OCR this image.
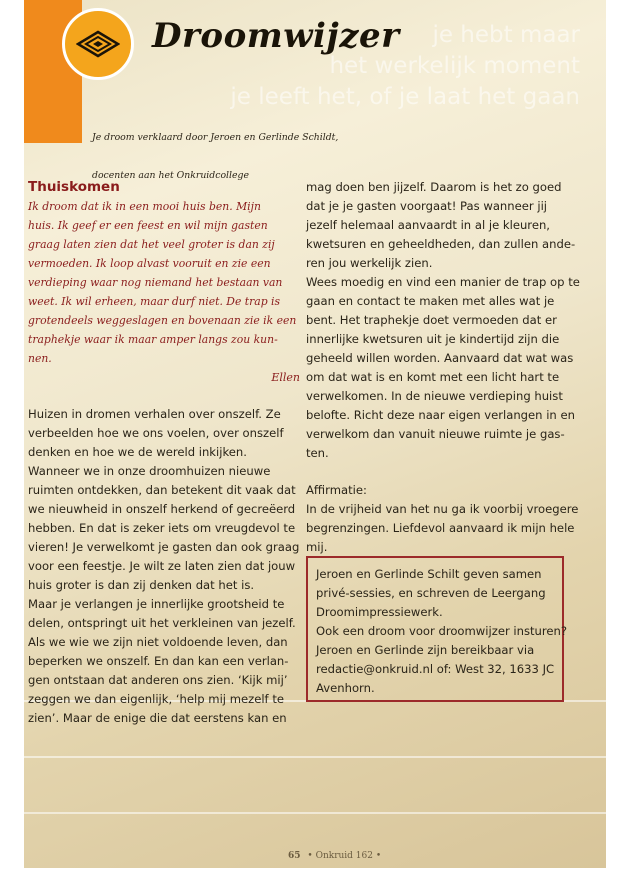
Droomwijzer	je hebt maar
het werkelijk moment
je leeft het, of je laat het gaan

Je droom verklaard door Jeroen en Gerlinde Schildt,

docenten aan het Onkruidcollege

Thuiskomen

Ik droom dat ik in een mooi huis ben. Mijn

huis. Ik geef er een feest en wil mijn gasten

graag laten zien dat het veel groter is dan zij

vermoeden. Ik loop alvast vooruit en zie een

verdieping waar nog niemand het bestaan van

weet. Ik wil erheen, maar durf niet. De trap is

grotendeels weggeslagen en bovenaan zie ik een

traphekje waar ik maar amper langs zou kun-

nen.

Ellen

Huizen in dromen verhalen over onszelf. Ze

verbeelden hoe we ons voelen, over onszelf

denken en hoe we de wereld inkijken.

Wanneer we in onze droomhuizen nieuwe

ruimten ontdekken, dan betekent dit vaak dat

we nieuwheid in onszelf herkend of gecreëerd

hebben. En dat is zeker iets om vreugdevol te

vieren! Je verwelkomt je gasten dan ook graag

voor een feestje. Je wilt ze laten zien dat jouw

huis groter is dan zij denken dat het is.

Maar je verlangen je innerlijke grootsheid te

delen, ontspringt uit het verkleinen van jezelf.

Als we wie we zijn niet voldoende leven, dan

beperken we onszelf. En dan kan een verlan-

gen ontstaan dat anderen ons zien. ‘Kijk mij’

zeggen we dan eigenlijk, ‘help mij mezelf te

zien’. Maar de enige die dat eerstens kan en

mag doen ben jijzelf. Daarom is het zo goed

dat je je gasten voorgaat! Pas wanneer jij

jezelf helemaal aanvaardt in al je kleuren,

kwetsuren en geheeldheden, dan zullen ande-

ren jou werkelijk zien.

Wees moedig en vind een manier de trap op te

gaan en contact te maken met alles wat je

bent. Het traphekje doet vermoeden dat er

innerlijke kwetsuren uit je kindertijd zijn die

geheeld willen worden. Aanvaard dat wat was

om dat wat is en komt met een licht hart te

verwelkomen. In de nieuwe verdieping huist

belofte. Richt deze naar eigen verlangen in en

verwelkom dan vanuit nieuwe ruimte je gas-

ten.

Affirmatie:

In de vrijheid van het nu ga ik voorbij vroegere

begrenzingen. Liefdevol aanvaard ik mijn hele

mij.

Jeroen en Gerlinde Schilt geven samen

privé-sessies, en schreven de Leergang

Droomimpressiewerk.

Ook een droom voor droomwijzer insturen?

Jeroen en Gerlinde zijn bereikbaar via

redactie@onkruid.nl of: West 32, 1633 JC

Avenhorn.

65 • Onkruid 162 •
